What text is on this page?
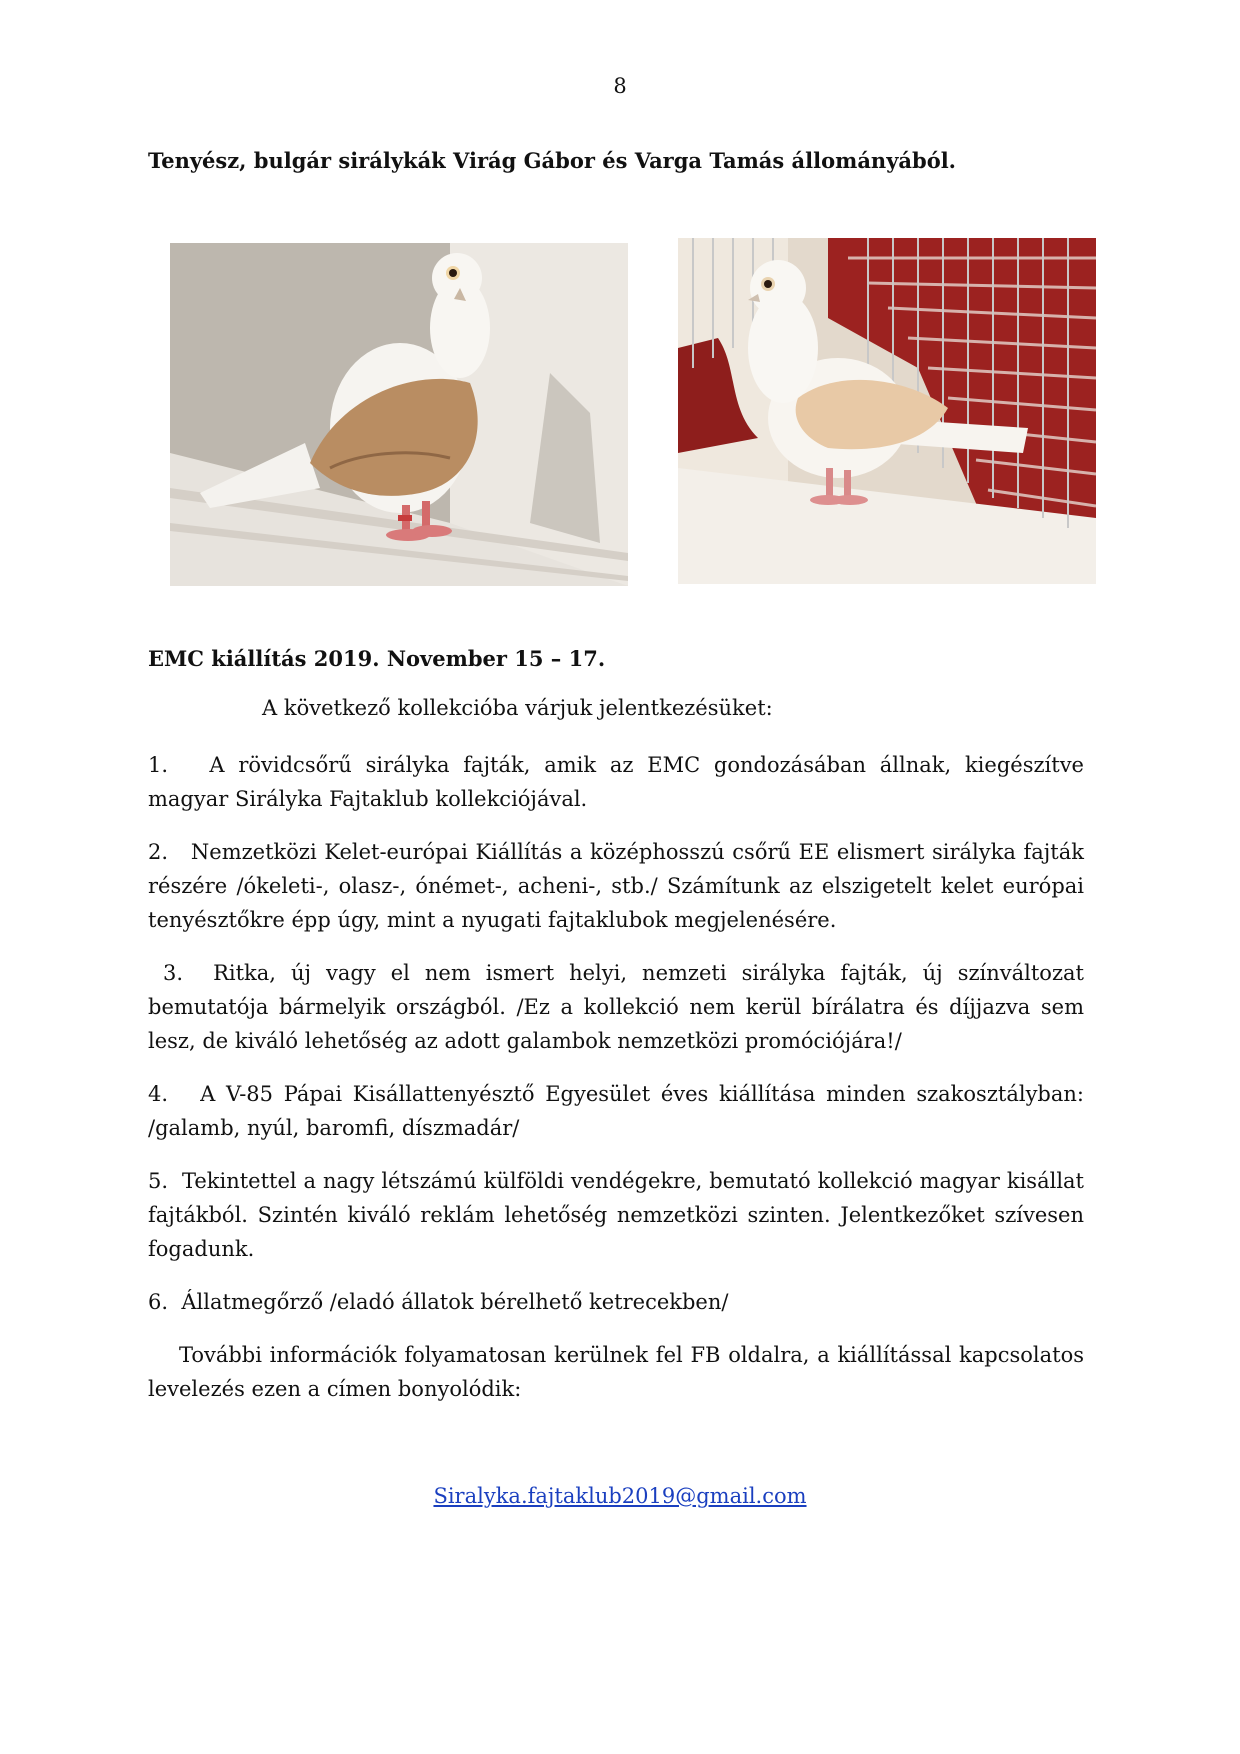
8
Tenyész, bulgár sirálykák Virág Gábor és Varga Tamás állományából.
EMC kiállítás 2019. November 15 – 17.
A következő kollekcióba várjuk jelentkezésüket:
1.   A rövidcsőrű sirályka fajták, amik az EMC gondozásában állnak, kiegészítve  magyar Sirályka Fajtaklub kollekciójával.
2.   Nemzetközi Kelet-európai Kiállítás a középhosszú csőrű EE elismert sirályka fajták részére /ókeleti-, olasz-, ónémet-, acheni-, stb./ Számítunk az elszigetelt kelet európai tenyésztőkre épp úgy, mint a nyugati fajtaklubok megjelenésére.
3.  Ritka, új vagy el nem ismert helyi, nemzeti sirályka fajták, új színváltozat bemutatója bármelyik országból. /Ez a kollekció nem kerül bírálatra és díjjazva sem lesz, de kiváló lehetőség az adott galambok nemzetközi promóciójára!/
4.   A V-85 Pápai Kisállattenyésztő Egyesület éves kiállítása minden szakosztályban: /galamb, nyúl, baromfi, díszmadár/
5.  Tekintettel a nagy létszámú külföldi vendégekre, bemutató kollekció magyar kisállat fajtákból. Szintén kiváló reklám lehetőség nemzetközi szinten. Jelentkezőket szívesen fogadunk.
6.  Állatmegőrző /eladó állatok bérelhető ketrecekben/
További információk folyamatosan kerülnek fel FB oldalra, a kiállítással kapcsolatos levelezés ezen a címen bonyolódik:
Siralyka.fajtaklub2019@gmail.com
